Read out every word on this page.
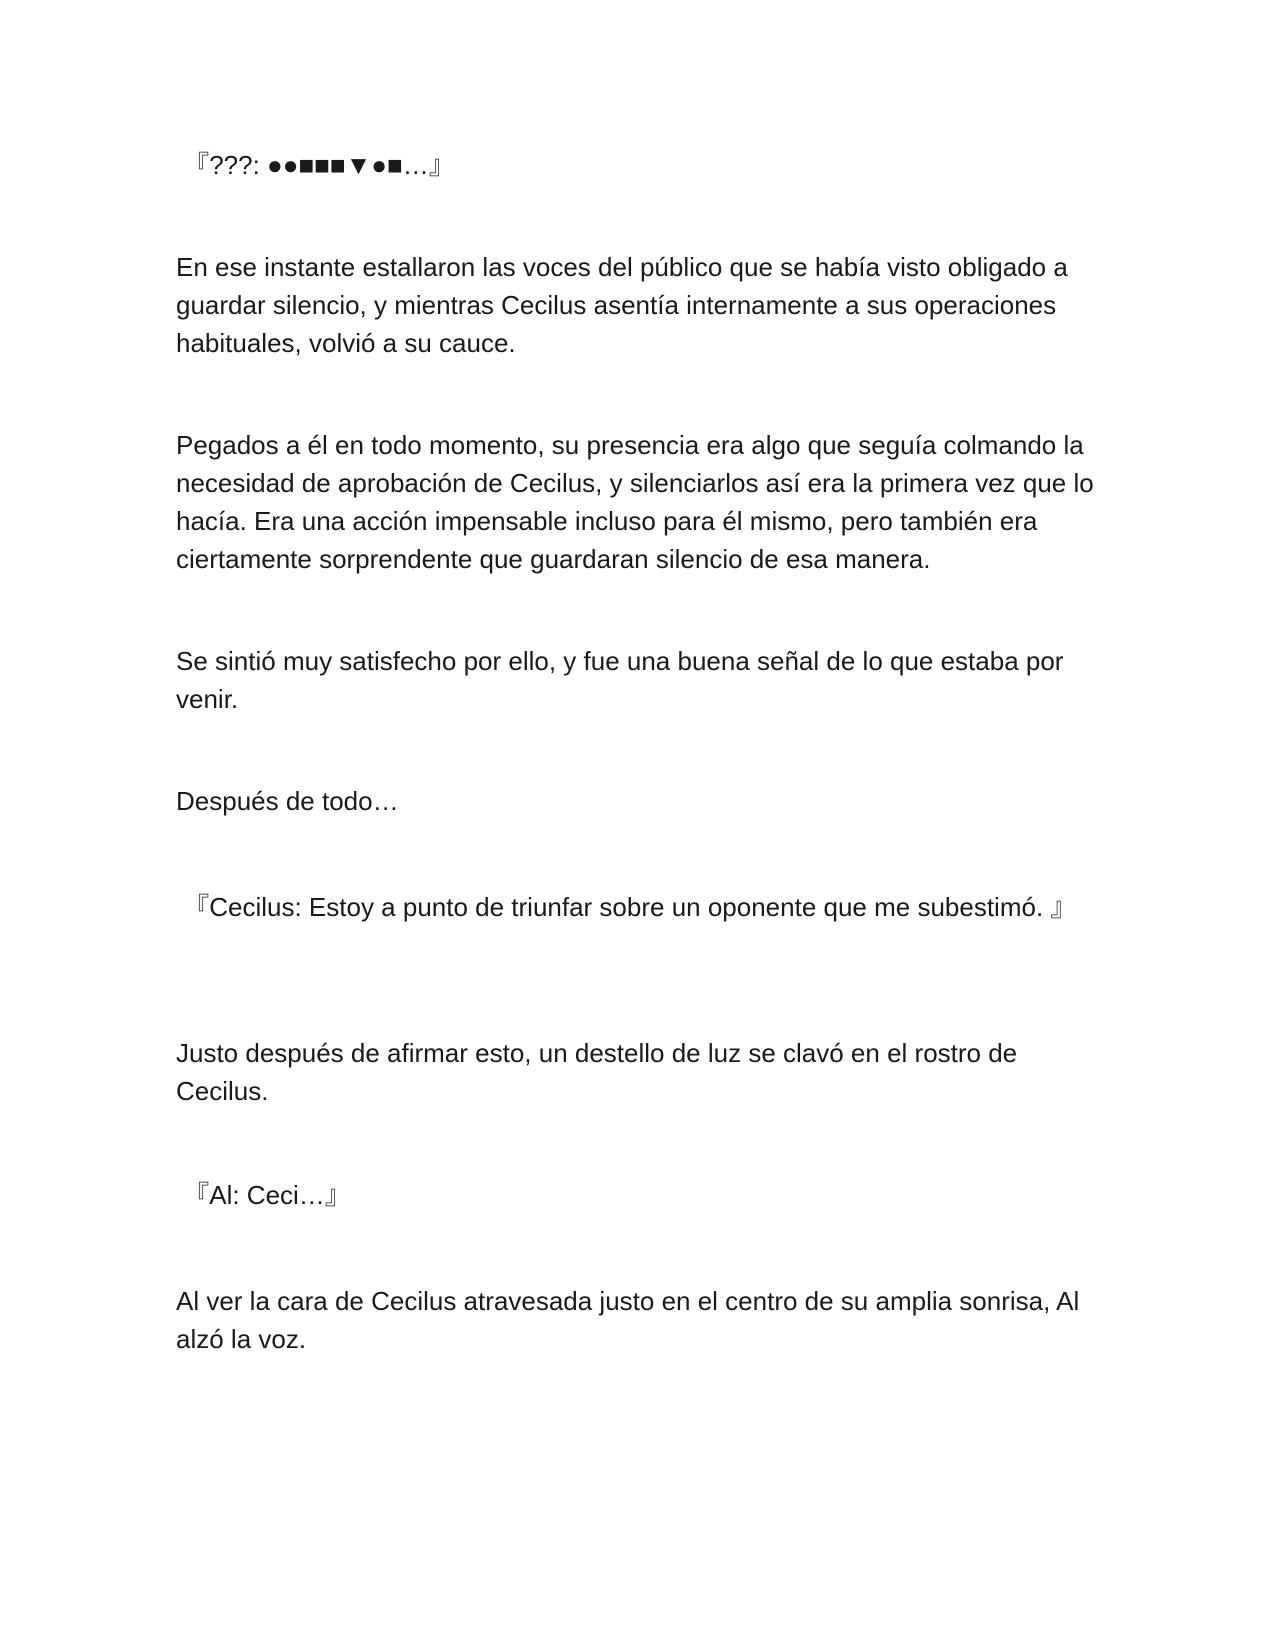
『???: ●●■■■▼●■…』

En ese instante estallaron las voces del público que se había visto obligado a guardar silencio, y mientras Cecilus asentía internamente a sus operaciones habituales, volvió a su cauce.

Pegados a él en todo momento, su presencia era algo que seguía colmando la necesidad de aprobación de Cecilus, y silenciarlos así era la primera vez que lo hacía. Era una acción impensable incluso para él mismo, pero también era ciertamente sorprendente que guardaran silencio de esa manera.

Se sintió muy satisfecho por ello, y fue una buena señal de lo que estaba por venir.

Después de todo…

『Cecilus: Estoy a punto de triunfar sobre un oponente que me subestimó. 』

Justo después de afirmar esto, un destello de luz se clavó en el rostro de Cecilus.

『Al: Ceci…』

Al ver la cara de Cecilus atravesada justo en el centro de su amplia sonrisa, Al alzó la voz.
